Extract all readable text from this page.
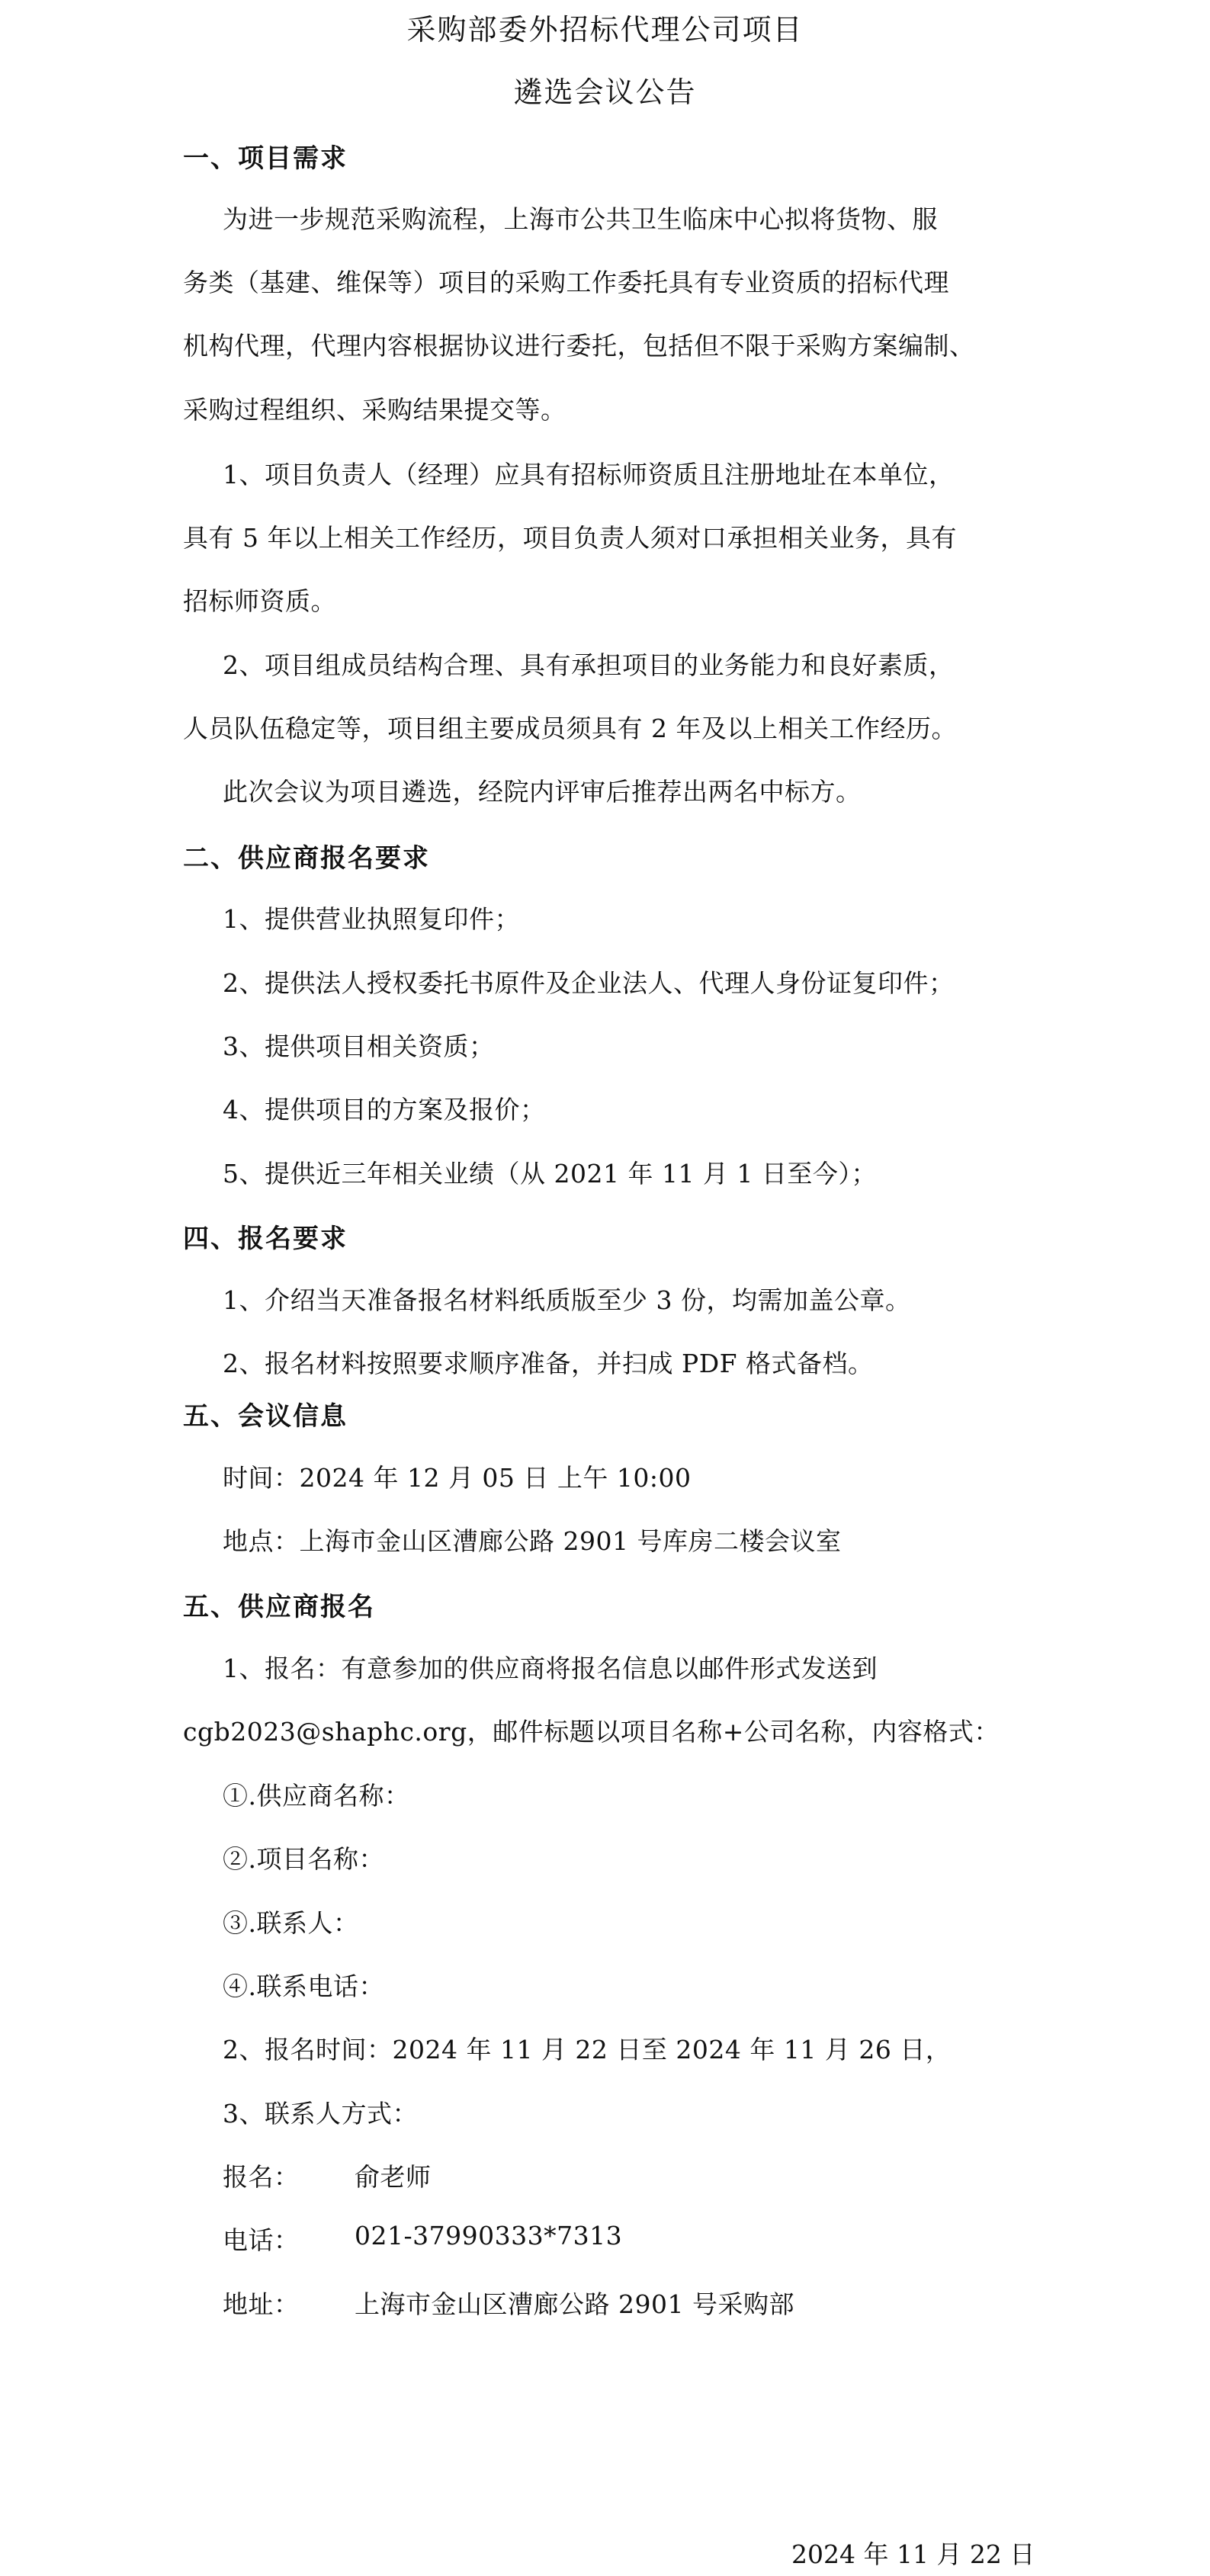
采购部委外招标代理公司项目
遴选会议公告
一、项目需求
为进一步规范采购流程，上海市公共卫生临床中心拟将货物、服
务类（基建、维保等）项目的采购工作委托具有专业资质的招标代理
机构代理，代理内容根据协议进行委托，包括但不限于采购方案编制、
采购过程组织、采购结果提交等。
1、项目负责人（经理）应具有招标师资质且注册地址在本单位，
具有 5 年以上相关工作经历，项目负责人须对口承担相关业务，具有
招标师资质。
2、项目组成员结构合理、具有承担项目的业务能力和良好素质，
人员队伍稳定等，项目组主要成员须具有 2 年及以上相关工作经历。
此次会议为项目遴选，经院内评审后推荐出两名中标方。
二、供应商报名要求
1、提供营业执照复印件；
2、提供法人授权委托书原件及企业法人、代理人身份证复印件；
3、提供项目相关资质；
4、提供项目的方案及报价；
5、提供近三年相关业绩（从 2021 年 11 月 1 日至今）；
四、报名要求
1、介绍当天准备报名材料纸质版至少 3 份，均需加盖公章。
2、报名材料按照要求顺序准备，并扫成 PDF 格式备档。
五、会议信息
时间：2024 年 12 月 05 日 上午 10:00
地点：上海市金山区漕廊公路 2901 号库房二楼会议室
五、供应商报名
1、报名：有意参加的供应商将报名信息以邮件形式发送到
cgb2023@shaphc.org，邮件标题以项目名称+公司名称，内容格式：
①.供应商名称：
②.项目名称：
③.联系人：
④.联系电话：
2、报名时间：2024 年 11 月 22 日至 2024 年 11 月 26 日，
3、联系人方式：
报名： 俞老师
电话： 021-37990333*7313
地址： 上海市金山区漕廊公路 2901 号采购部
2024 年 11 月 22 日
